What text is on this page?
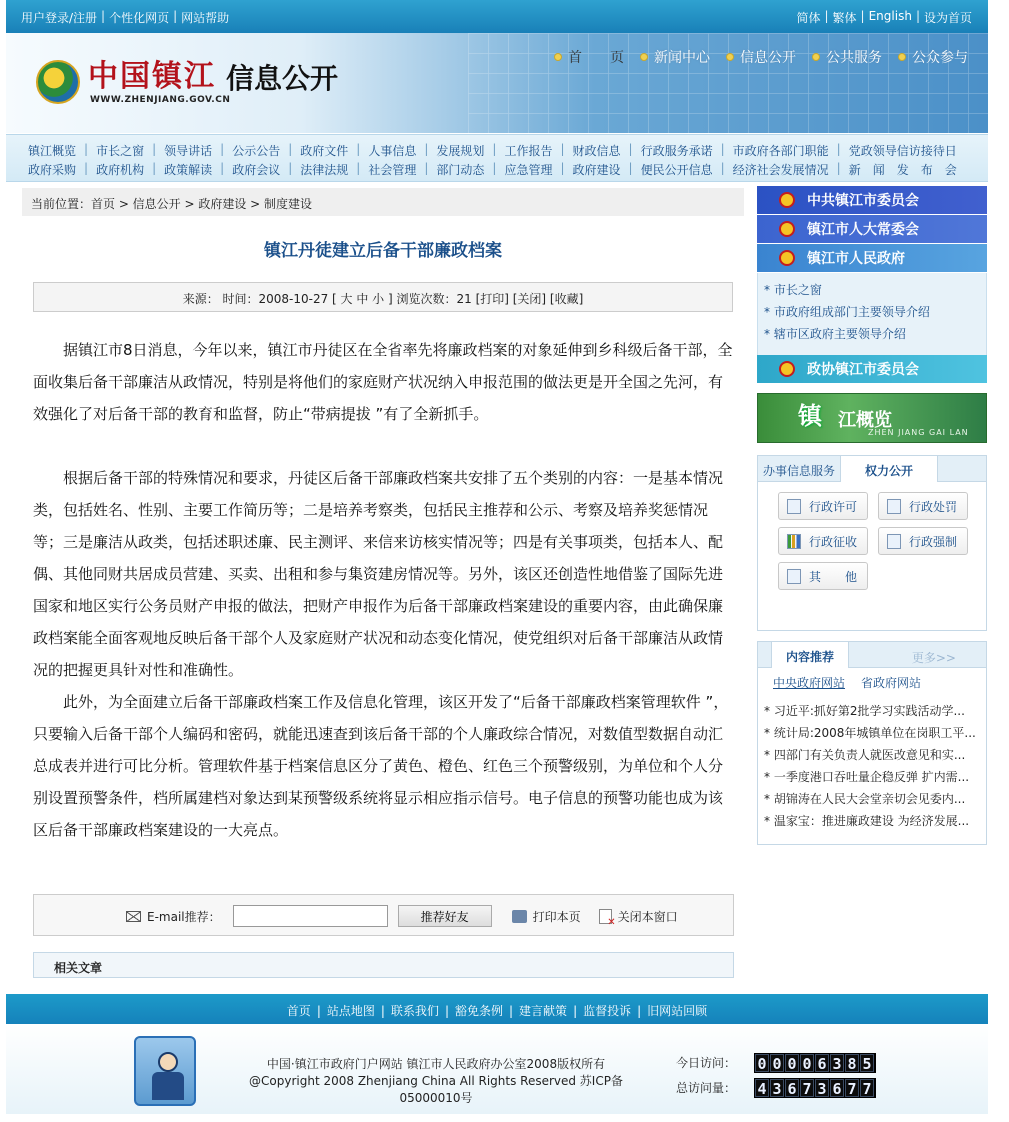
用户登录/注册 | 个性化网页 | 网站帮助	简体 | 繁体 | English | 设为首页
中国镇江
WWW.ZHENJIANG.GOV.CN
信息公开
首　　页 新闻中心 信息公开 公共服务 公众参与
镇江概览 | 市长之窗 | 领导讲话 | 公示公告 | 政府文件 | 人事信息 | 发展规划 | 工作报告 | 财政信息 | 行政服务承诺 | 市政府各部门职能 | 党政领导信访接待日
政府采购 | 政府机构 | 政策解读 | 政府会议 | 法律法规 | 社会管理 | 部门动态 | 应急管理 | 政府建设 | 便民公开信息 | 经济社会发展情况 | 新　闻　发　布　会
当前位置：首页 > 信息公开 > 政府建设 > 制度建设
镇江丹徒建立后备干部廉政档案
来源： 时间：2008-10-27 [ 大 中 小 ] 浏览次数：21 [打印] [关闭] [收藏]

据镇江市8日消息，今年以来，镇江市丹徒区在全省率先将廉政档案的对象延伸到乡科级后备干部，全面收集后备干部廉洁从政情况，特别是将他们的家庭财产状况纳入申报范围的做法更是开全国之先河，有效强化了对后备干部的教育和监督，防止“带病提拔 ”有了全新抓手。

根据后备干部的特殊情况和要求，丹徒区后备干部廉政档案共安排了五个类别的内容：一是基本情况类，包括姓名、性别、主要工作简历等；二是培养考察类，包括民主推荐和公示、考察及培养奖惩情况等；三是廉洁从政类，包括述职述廉、民主测评、来信来访核实情况等；四是有关事项类，包括本人、配偶、其他同财共居成员营建、买卖、出租和参与集资建房情况等。另外，该区还创造性地借鉴了国际先进国家和地区实行公务员财产申报的做法，把财产申报作为后备干部廉政档案建设的重要内容，由此确保廉政档案能全面客观地反映后备干部个人及家庭财产状况和动态变化情况，使党组织对后备干部廉洁从政情况的把握更具针对性和准确性。

此外，为全面建立后备干部廉政档案工作及信息化管理，该区开发了“后备干部廉政档案管理软件 ”，只要输入后备干部个人编码和密码，就能迅速查到该后备干部的个人廉政综合情况，对数值型数据自动汇总成表并进行可比分析。管理软件基于档案信息区分了黄色、橙色、红色三个预警级别，为单位和个人分别设置预警条件，档所属建档对象达到某预警级系统将显示相应指示信号。电子信息的预警功能也成为该区后备干部廉政档案建设的一大亮点。

E-mail推荐：	推荐好友	打印本页
✕	关闭本窗口
相关文章
中共镇江市委员会
镇江市人大常委会
镇江市人民政府
* 市长之窗
* 市政府组成部门主要领导介绍
* 辖市区政府主要领导介绍
政协镇江市委员会
镇 江概览
ZHEN JIANG GAI LAN
办事信息服务	权力公开
行政许可	行政处罚
行政征收	行政强制
其　　他
内容推荐	更多>>
中央政府网站 省政府网站
* 习近平:抓好第2批学习实践活动学...
* 统计局:2008年城镇单位在岗职工平...
* 四部门有关负责人就医改意见和实...
* 一季度港口吞吐量企稳反弹 扩内需...
* 胡锦涛在人民大会堂亲切会见委内...
* 温家宝：推进廉政建设 为经济发展...
首页 | 站点地图 | 联系我们 | 豁免条例 | 建言献策 | 监督投诉 | 旧网站回顾
中国·镇江市政府门户网站 镇江市人民政府办公室2008版权所有
@Copyright 2008 Zhenjiang China All Rights Reserved 苏ICP备05000010号
今日访问：	0 0 0 0 6 3 8 5
总访问量：	4 3 6 7 3 6 7 7
